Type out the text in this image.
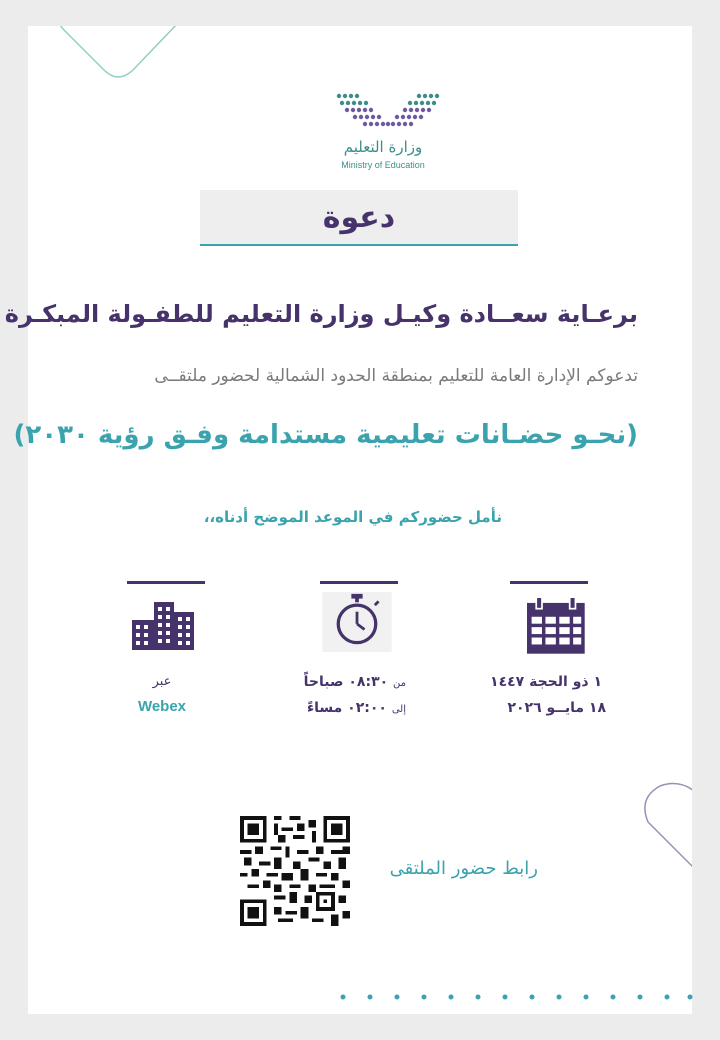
وزارة التعليم
Ministry of Education
دعوة
برعـاية سعــادة وكيـل وزارة التعليم للطفـولة المبكـرة
تدعوكم الإدارة العامة للتعليم بمنطقة الحدود الشمالية لحضور ملتقــى
(نحـو حضـانات تعليمية مستدامة وفـق رؤية ٢٠٣٠)
نأمل حضوركم في الموعد الموضح أدناه،،
عبر
Webex
من ٠٨:٣٠ صباحاً
إلى ٠٢:٠٠ مساءً
١ ذو الحجة ١٤٤٧
١٨ مايــو ٢٠٢٦
رابط حضور الملتقى
